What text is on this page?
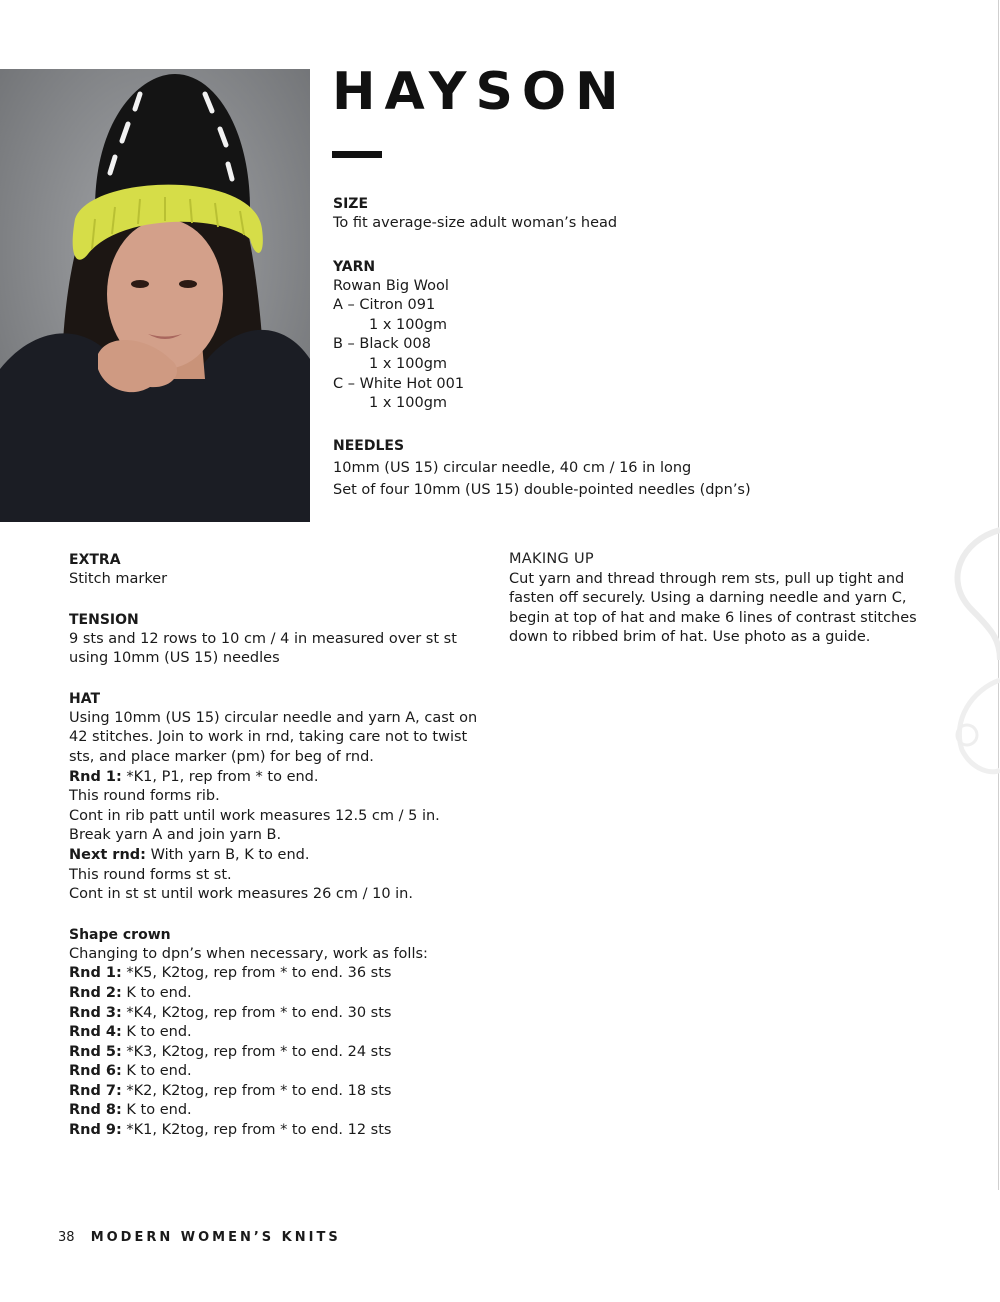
HAYSON

SIZE

To fit average-size adult woman’s head

YARN

Rowan Big Wool

A – Citron 091

1 x 100gm

B – Black 008

1 x 100gm

C – White Hot 001

1 x 100gm

NEEDLES

10mm (US 15) circular needle, 40 cm / 16 in long

Set of four 10mm (US 15) double-pointed needles (dpn’s)

EXTRA

Stitch marker

TENSION

9 sts and 12 rows to 10 cm / 4 in measured over st st

using 10mm (US 15) needles

HAT

Using 10mm (US 15) circular needle and yarn A, cast on

42 stitches. Join to work in rnd, taking care not to twist

sts, and place marker (pm) for beg of rnd.

Rnd 1: *K1, P1, rep from * to end.

This round forms rib.

Cont in rib patt until work measures 12.5 cm / 5 in.

Break yarn A and join yarn B.

Next rnd: With yarn B, K to end.

This round forms st st.

Cont in st st until work measures 26 cm / 10 in.

Shape crown

Changing to dpn’s when necessary, work as folls:

Rnd 1: *K5, K2tog, rep from * to end. 36 sts

Rnd 2: K to end.

Rnd 3: *K4, K2tog, rep from * to end. 30 sts

Rnd 4: K to end.

Rnd 5: *K3, K2tog, rep from * to end. 24 sts

Rnd 6: K to end.

Rnd 7: *K2, K2tog, rep from * to end. 18 sts

Rnd 8: K to end.

Rnd 9: *K1, K2tog, rep from * to end. 12 sts

MAKING UP

Cut yarn and thread through rem sts, pull up tight and

fasten off securely. Using a darning needle and yarn C,

begin at top of hat and make 6 lines of contrast stitches

down to ribbed brim of hat. Use photo as a guide.

38 MODERN WOMEN’S KNITS
